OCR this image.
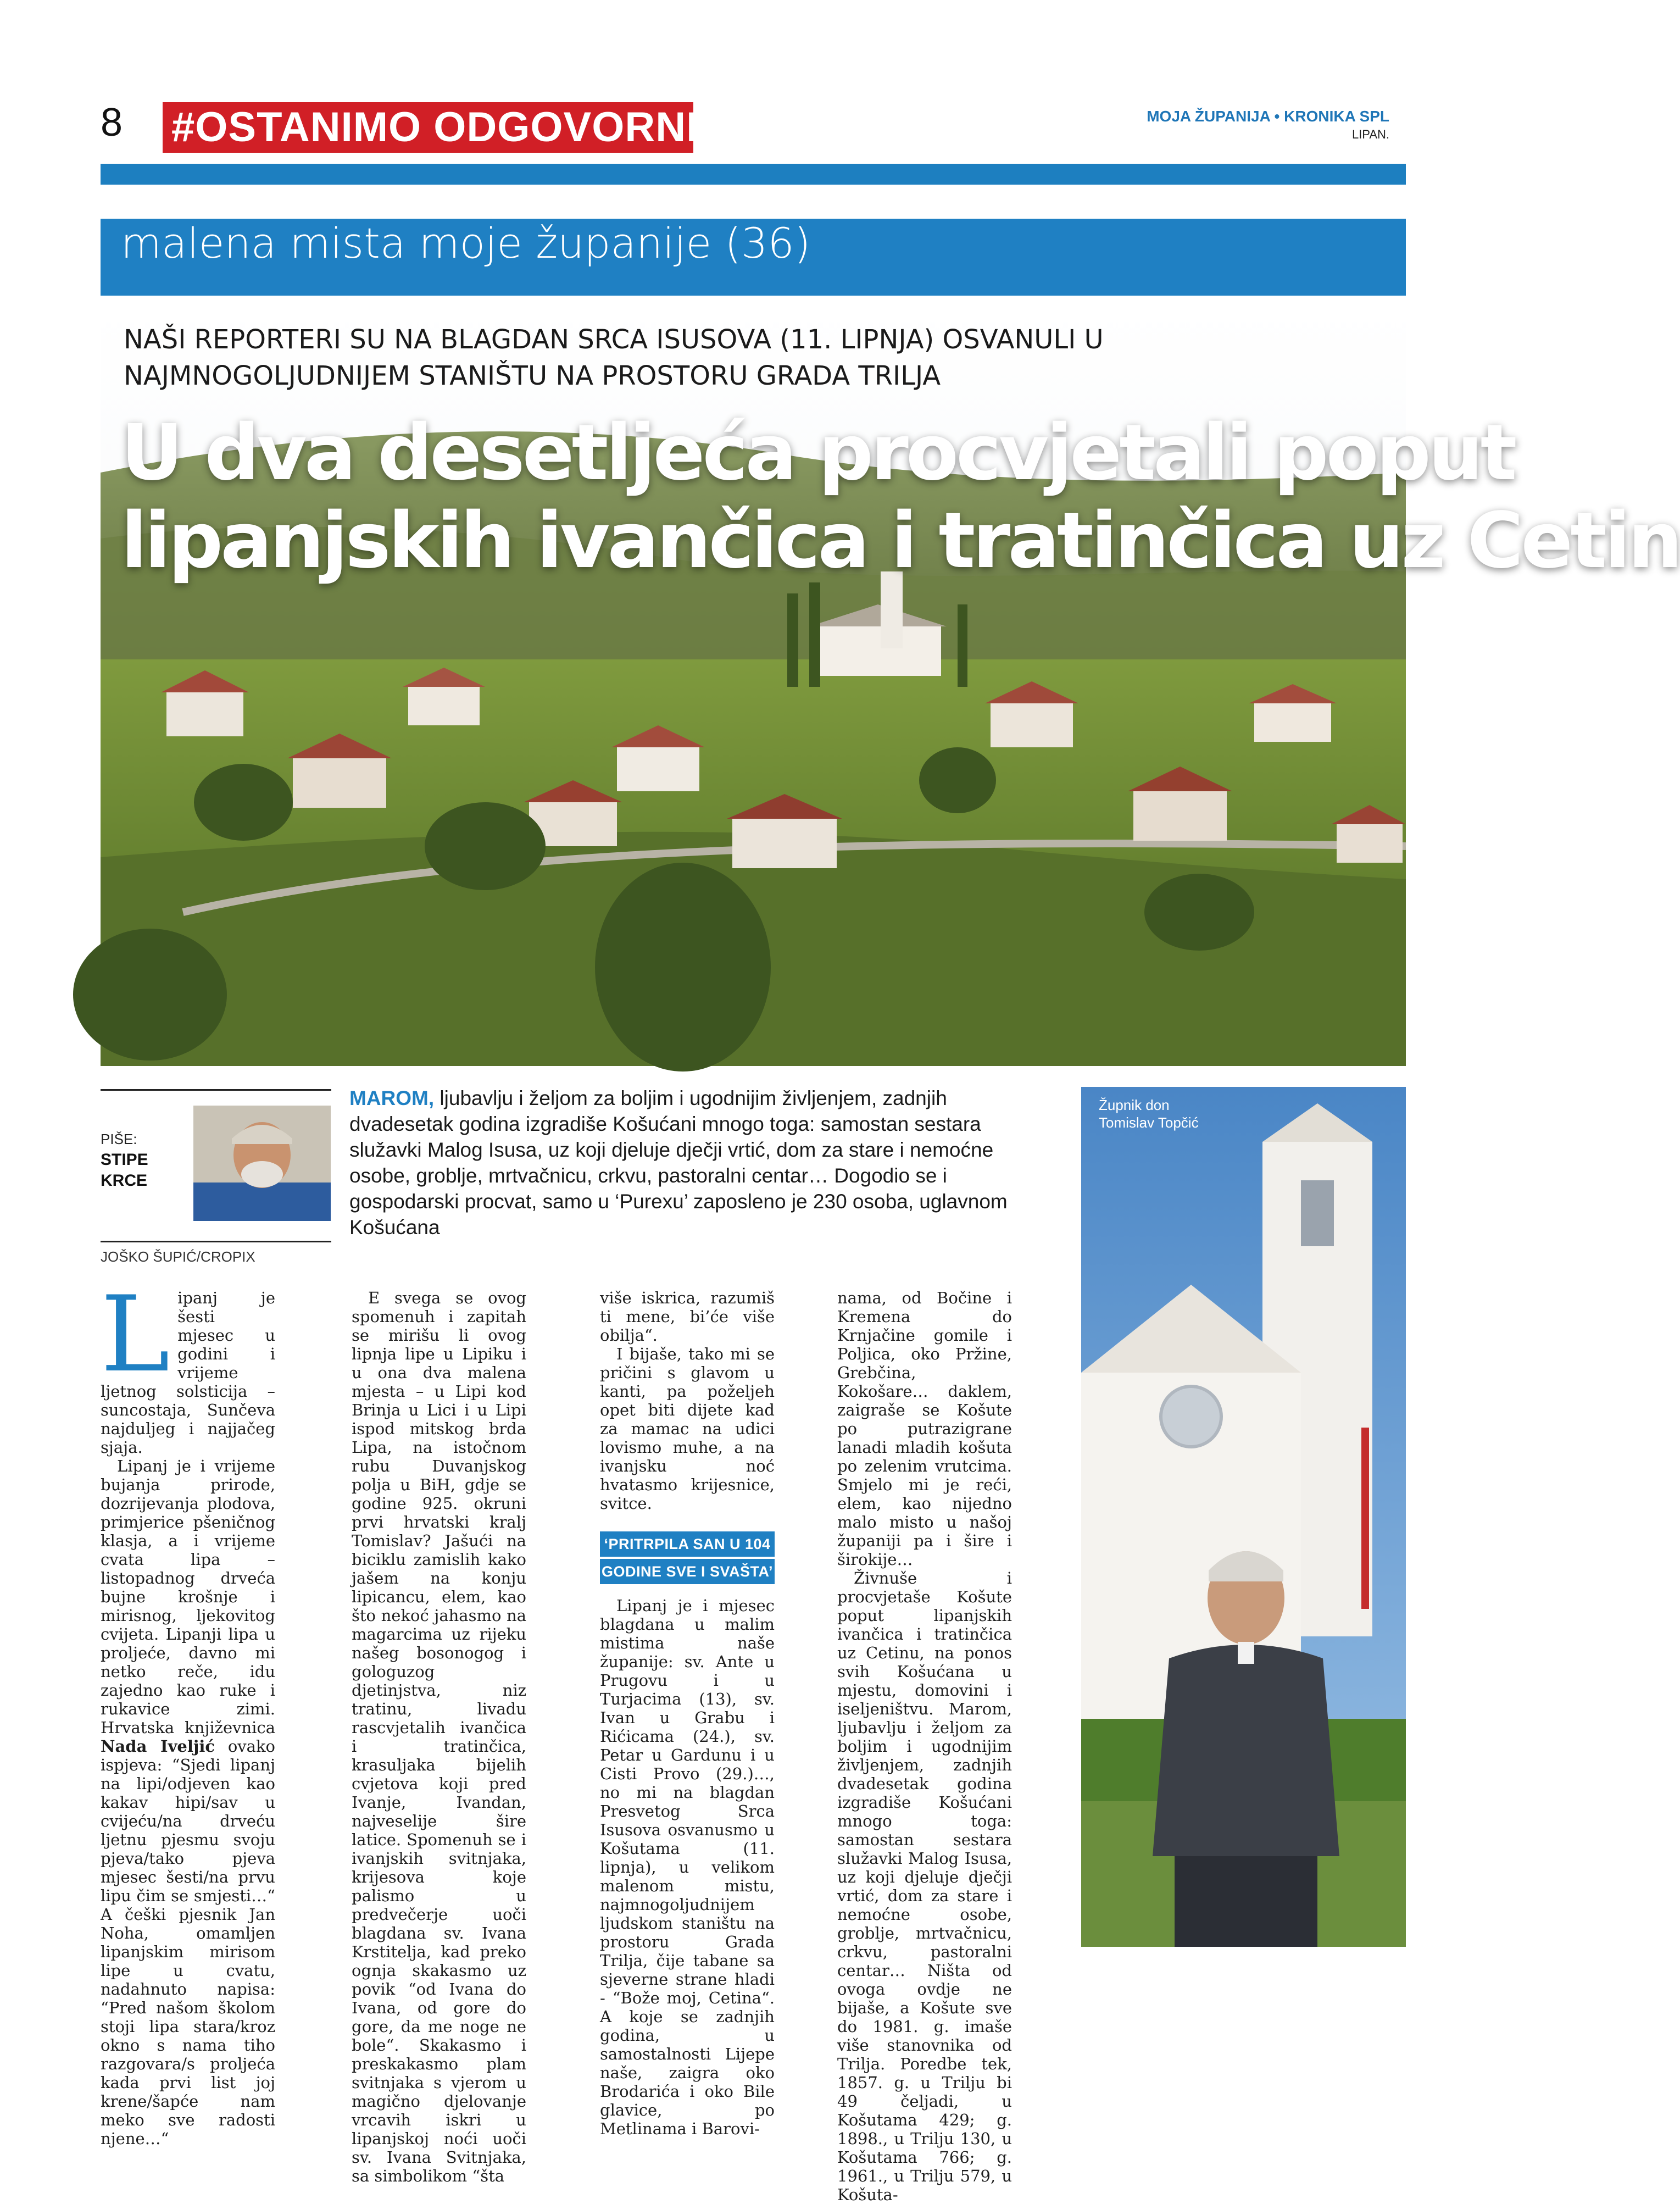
8 #OSTANIMO ODGOVORNI	MOJA ŽUPANIJA • KRONIKA SPL
LIPAN.
malena mista moje županije (36)
NAŠI REPORTERI SU NA BLAGDAN SRCA ISUSOVA (11. LIPNJA) OSVANULI U
NAJMNOGOLJUDNIJEM STANIŠTU NA PROSTORU GRADA TRILJA
U dva desetljeća procvjetali poput
lipanjskih ivančica i tratinčica uz Cetin
PIŠE:
STIPE
KRCE
JOŠKO ŠUPIĆ/CROPIX
MAROM, ljubavlju i željom za boljim i ugodnijim življenjem, zadnjih dvadesetak godina izgradiše Košućani mnogo toga: samostan sestara služavki Malog Isusa, uz koji djeluje dječji vrtić, dom za stare i nemoćne osobe, groblje, mrtvačnicu, crkvu, pastoralni centar… Dogodio se i gospodarski procvat, samo u ‘Purexu’ zaposleno je 230 osoba, uglavnom Košućana
L ipanj je šesti mjesec u godini i vrijeme ljetnog solsticija – suncostaja, Sunčeva najduljeg i najjačeg sjaja.

Lipanj je i vrijeme bujanja prirode, dozrijevanja plodova, primjerice pšeničnog klasja, a i vrijeme cvata lipa – listopadnog drveća bujne krošnje i mirisnog, ljekovitog cvijeta. Lipanji lipa u proljeće, davno mi netko reče, idu zajedno kao ruke i rukavice zimi. Hrvatska književnica Nada Iveljić ovako ispjeva: “Sjedi lipanj na lipi/odjeven kao kakav hipi/sav u cvijeću/na drveću ljetnu pjesmu svoju pjeva/tako pjeva mjesec šesti/na prvu lipu čim se smjesti…“ A češki pjesnik Jan Noha, omamljen lipanjskim mirisom lipe u cvatu, nadahnuto napisa: “Pred našom školom stoji lipa stara/kroz okno s nama tiho razgovara/s proljeća kada prvi list joj krene/šapće nam meko sve radosti njene…“

E svega se ovog spomenuh i zapitah se mirišu li ovog lipnja lipe u Lipiku i u ona dva malena mjesta – u Lipi kod Brinja u Lici i u Lipi ispod mitskog brda Lipa, na istočnom rubu Duvanjskog polja u BiH, gdje se godine 925. okruni prvi hrvatski kralj Tomislav? Jašući na biciklu zamislih kako jašem na konju lipicancu, elem, kao što nekoć jahasmo na magarcima uz rijeku našeg bosonogog i gologuzog djetinjstva, niz tratinu, livadu rascvjetalih ivančica i tratinčica, krasuljaka bijelih cvjetova koji pred Ivanje, Ivandan, najveselije šire latice. Spomenuh se i ivanjskih svitnjaka, krijesova koje palismo u predvečerje uoči blagdana sv. Ivana Krstitelja, kad preko ognja skakasmo uz povik “od Ivana do Ivana, od gore do gore, da me noge ne bole“. Skakasmo i preskakasmo plam svitnjaka s vjerom u magično djelovanje vrcavih iskri u lipanjskoj noći uoči sv. Ivana Svitnjaka, sa simbolikom “šta

više iskrica, razumiš ti mene, bi’će više obilja“.

I bijaše, tako mi se pričini s glavom u kanti, pa poželjeh opet biti dijete kad za mamac na udici lovismo muhe, a na ivanjsku noć hvatasmo krijesnice, svitce.

‘PRITRPILA SAN U 104
GODINE SVE I SVAŠTA’

Lipanj je i mjesec blagdana u malim mistima naše županije: sv. Ante u Prugovu i u Turjacima (13), sv. Ivan u Grabu i Rićicama (24.), sv. Petar u Gardunu i u Cisti Provo (29.)…, no mi na blagdan Presvetog Srca Isusova osvanusmo u Košutama (11. lipnja), u velikom malenom mistu, najmnogoljudnijem ljudskom staništu na prostoru Grada Trilja, čije tabane sa sjeverne strane hladi - “Bože moj, Cetina“. A koje se zadnjih godina, u samostalnosti Lijepe naše, zaigra oko Brodarića i oko Bile glavice, po Metlinama i Barovi-

nama, od Bočine i Kremena do Krnjačine gomile i Poljica, oko Pržine, Grebčina, Kokošare… daklem, zaigraše se Košute po putrazigrane lanadi mladih košuta po zelenim vrutcima. Smjelo mi je reći, elem, kao nijedno malo misto u našoj županiji pa i šire i širokije…

Živnuše i procvjetaše Košute poput lipanjskih ivančica i tratinčica uz Cetinu, na ponos svih Košućana u mjestu, domovini i iseljeništvu. Marom, ljubavlju i željom za boljim i ugodnijim življenjem, zadnjih dvadesetak godina izgradiše Košućani mnogo toga: samostan sestara služavki Malog Isusa, uz koji djeluje dječji vrtić, dom za stare i nemoćne osobe, groblje, mrtvačnicu, crkvu, pastoralni centar… Ništa od ovoga ovdje ne bijaše, a Košute sve do 1981. g. imaše više stanovnika od Trilja. Poredbe tek, 1857. g. u Trilju bi 49 čeljadi, u Košutama 429; g. 1898., u Trilju 130, u Košutama 766; g. 1961., u Trilju 579, u Košuta-

Župnik don
Tomislav Topčić
